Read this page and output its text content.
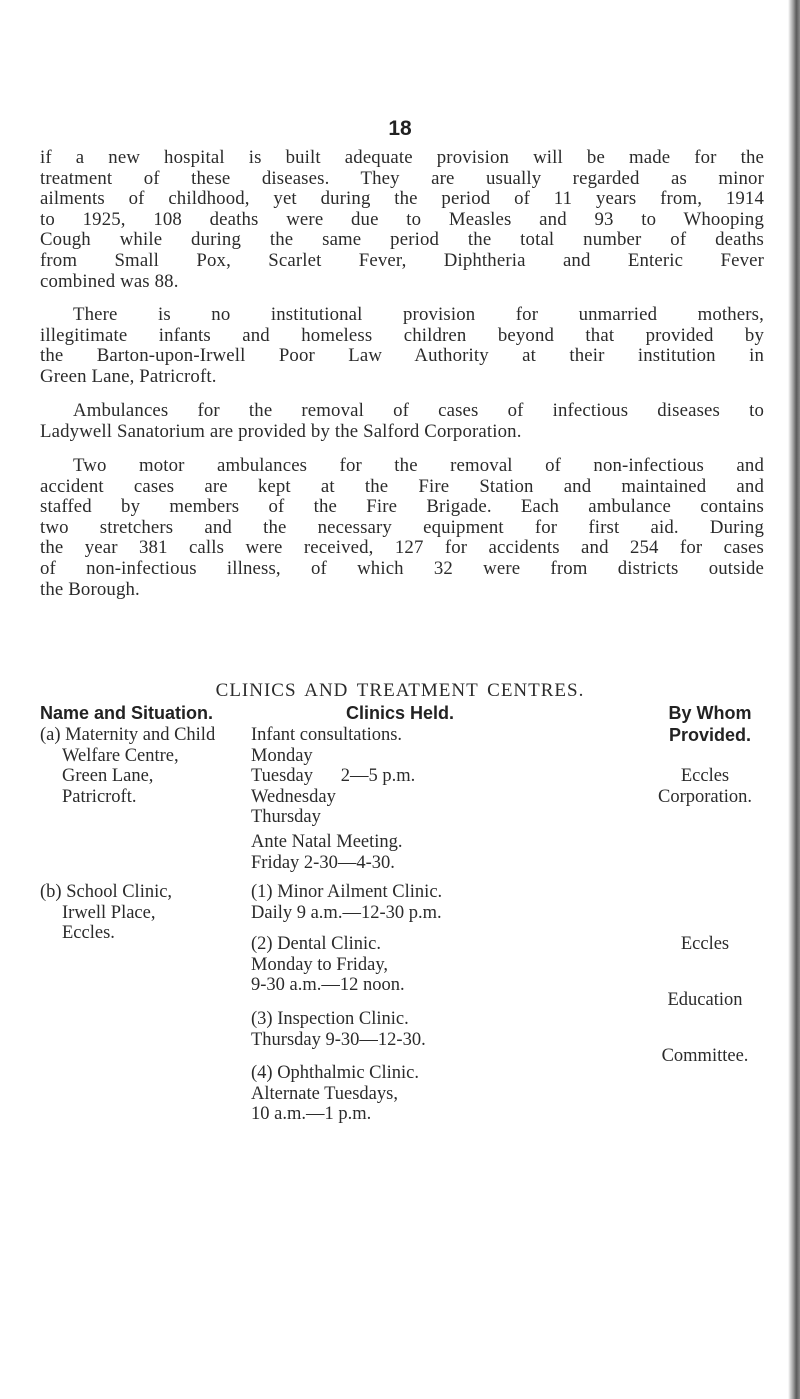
18

if a new hospital is built adequate provision will be made for the
treatment of these diseases. They are usually regarded as minor
ailments of childhood, yet during the period of 11 years from, 1914
to 1925, 108 deaths were due to Measles and 93 to Whooping
Cough while during the same period the total number of deaths
from Small Pox, Scarlet Fever, Diphtheria and Enteric Fever
combined was 88.

There is no institutional provision for unmarried mothers,
illegitimate infants and homeless children beyond that provided by
the Barton-upon-Irwell Poor Law Authority at their institution in
Green Lane, Patricroft.

Ambulances for the removal of cases of infectious diseases to
Ladywell Sanatorium are provided by the Salford Corporation.

Two motor ambulances for the removal of non-infectious and
accident cases are kept at the Fire Station and maintained and
staffed by members of the Fire Brigade. Each ambulance contains
two stretchers and the necessary equipment for first aid. During
the year 381 calls were received, 127 for accidents and 254 for cases
of non-infectious illness, of which 32 were from districts outside
the Borough.

CLINICS AND TREATMENT CENTRES.
Name and Situation.	Clinics Held.	By Whom
Provided.
(a) Maternity and Child
Welfare Centre,
Green Lane,
Patricroft.
Infant consultations.
Monday
Tuesday      2—5 p.m.
Wednesday
Thursday
Ante Natal Meeting.
Friday 2-30—4-30.
Eccles
Corporation.
(b) School Clinic,
Irwell Place,
Eccles.
(1) Minor Ailment Clinic.
Daily 9 a.m.—12-30 p.m.
(2) Dental Clinic.
Monday to Friday,
9-30 a.m.—12 noon.
(3) Inspection Clinic.
Thursday 9-30—12-30.
(4) Ophthalmic Clinic.
Alternate Tuesdays,
10 a.m.—1 p.m.
Eccles
Education
Committee.
